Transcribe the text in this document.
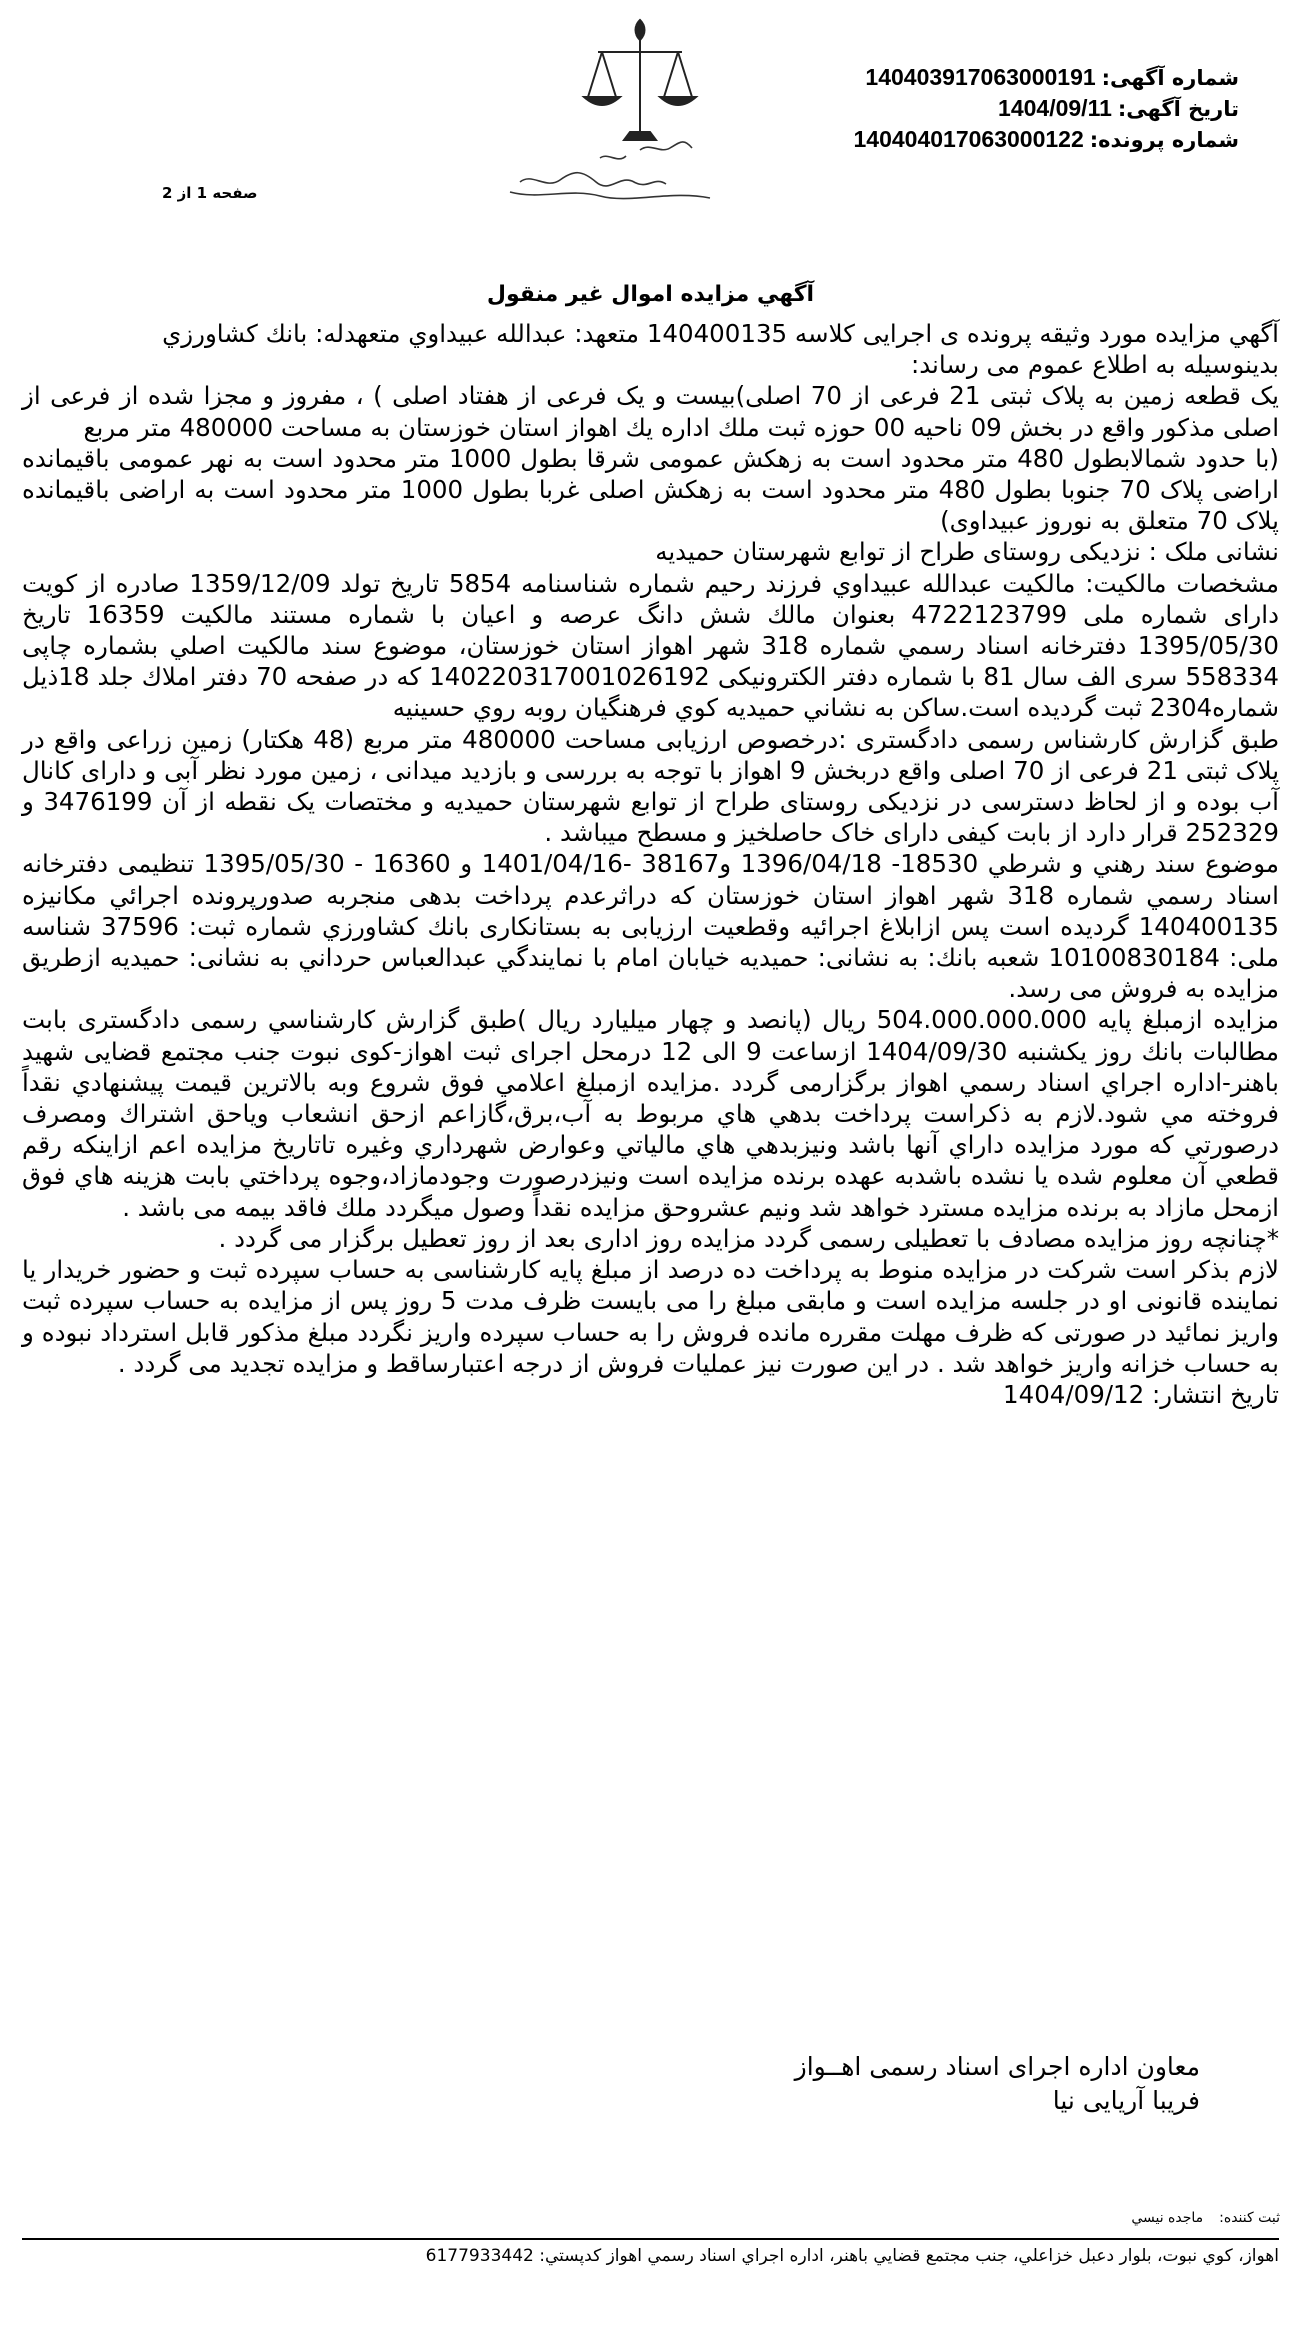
شماره آگهی:140403917063000191
تاریخ آگهی:1404/09/11
شماره پرونده:140404017063000122
صفحه 1 از 2
آگهي مزايده اموال غير منقول

آگهي مزايده مورد وثيقه پرونده ی اجرایی کلاسه 140400135 متعهد: عبدالله عبيداوي متعهدله: بانك كشاورزي

بدینوسیله به اطلاع عموم می رساند:

یک قطعه زمین به پلاک ثبتی 21 فرعی از 70 اصلی)بیست و یک فرعی از هفتاد اصلی ) ، مفروز و مجزا شده از فرعی از اصلی مذکور واقع در بخش 09 ناحيه 00 حوزه ثبت ملك اداره يك اهواز استان خوزستان به مساحت 480000 متر مربع

(با حدود شمالابطول 480 متر محدود است به زهکش عمومی شرقا بطول 1000 متر محدود است به نهر عمومی باقیمانده اراضی پلاک 70 جنوبا بطول 480 متر محدود است به زهکش اصلی غربا بطول 1000 متر محدود است به اراضی باقیمانده پلاک 70 متعلق به نوروز عبیداوی)

نشانی ملک : نزدیکی روستای طراح از توابع شهرستان حمیدیه

مشخصات مالكيت: مالكيت عبدالله عبيداوي فرزند رحيم شماره شناسنامه 5854 تاريخ تولد 1359/12/09 صادره از کویت دارای شماره ملی 4722123799 بعنوان مالك شش دانگ عرصه و اعيان با شماره مستند مالكيت 16359 تاريخ 1395/05/30 دفترخانه اسناد رسمي شماره 318 شهر اهواز استان خوزستان، موضوع سند مالكيت اصلي بشماره چاپی 558334 سری الف سال 81 با شماره دفتر الكترونيكى 140220317001026192 كه در صفحه 70 دفتر املاك جلد 18ذيل شماره2304 ثبت گرديده است.ساكن به نشاني حميديه كوي فرهنگيان روبه روي حسينيه

طبق گزارش کارشناس رسمی دادگستری :درخصوص ارزیابی مساحت 480000 متر مربع (48 هکتار) زمین زراعی واقع در پلاک ثبتی 21 فرعی از 70 اصلی واقع دربخش 9 اهواز با توجه به بررسی و بازدید میدانی ، زمین مورد نظر آبی و دارای کانال آب بوده و از لحاظ دسترسی در نزدیکی روستای طراح از توابع شهرستان حمیدیه و مختصات یک نقطه از آن 3476199 و 252329 قرار دارد از بابت کیفی دارای خاک حاصلخیز و مسطح میباشد .

موضوع سند رهني و شرطي 18530- 1396/04/18 و38167 -1401/04/16 و 16360 - 1395/05/30 تنظيمى دفترخانه اسناد رسمي شماره 318 شهر اهواز استان خوزستان كه دراثرعدم پرداخت بدهی منجربه صدورپرونده اجرائي مكانيزه 140400135 گرديده است پس ازابلاغ اجرائيه وقطعيت ارزيابی به بستانكاری بانك كشاورزي شماره ثبت: 37596 شناسه ملی: 10100830184 شعبه بانك: به نشانی: حمیدیه خیابان امام با نمايندگي عبدالعباس حرداني به نشانی: حمیدیه ازطريق مزايده به فروش می رسد.

مزايده ازمبلغ پایه 504.000.000.000 ريال (پانصد و چهار میلیارد ریال )طبق گزارش كارشناسي رسمی دادگستری بابت مطالبات بانك روز یکشنبه 1404/09/30 ازساعت 9 الی 12 درمحل اجرای ثبت اهواز-کوی نبوت جنب مجتمع قضایی شهید باهنر-اداره اجراي اسناد رسمي اهواز برگزارمی گردد .مزايده ازمبلغ اعلامي فوق شروع وبه بالاترين قيمت پيشنهادي نقداً فروخته مي شود.لازم به ذكراست پرداخت بدهي هاي مربوط به آب،برق،گازاعم ازحق انشعاب وياحق اشتراك ومصرف درصورتي كه مورد مزايده داراي آنها باشد ونيزبدهي هاي مالياتي وعوارض شهرداري وغيره تاتاريخ مزايده اعم ازاينكه رقم قطعي آن معلوم شده يا نشده باشدبه عهده برنده مزايده است ونيزدرصورت وجودمازاد،وجوه پرداختي بابت هزينه هاي فوق ازمحل مازاد به برنده مزايده مسترد خواهد شد ونيم عشروحق مزايده نقداً وصول ميگردد ملك فاقد بیمه می باشد .

*چنانچه روز مزایده مصادف با تعطیلی رسمی گردد مزایده روز اداری بعد از روز تعطیل برگزار می گردد .

لازم بذکر است شرکت در مزایده منوط به پرداخت ده درصد از مبلغ پایه کارشناسی به حساب سپرده ثبت و حضور خریدار یا نماینده قانونی او در جلسه مزایده است و مابقی مبلغ را می بایست ظرف مدت 5 روز پس از مزایده به حساب سپرده ثبت واریز نمائید در صورتی که ظرف مهلت مقرره مانده فروش را به حساب سپرده واریز نگردد مبلغ مذکور قابل استرداد نبوده و به حساب خزانه واریز خواهد شد . در این صورت نیز عملیات فروش از درجه اعتبارساقط و مزایده تجدید می گردد .

تاریخ انتشار: 1404/09/12

معاون اداره اجرای اسناد رسمی اهــواز
فریبا آریایی نیا
ثبت کننده:ماجده نیسي
اهواز، كوي نبوت، بلوار دعبل خزاعلي، جنب مجتمع قضايي باهنر، اداره اجراي اسناد رسمي اهواز كدپستي: 6177933442
